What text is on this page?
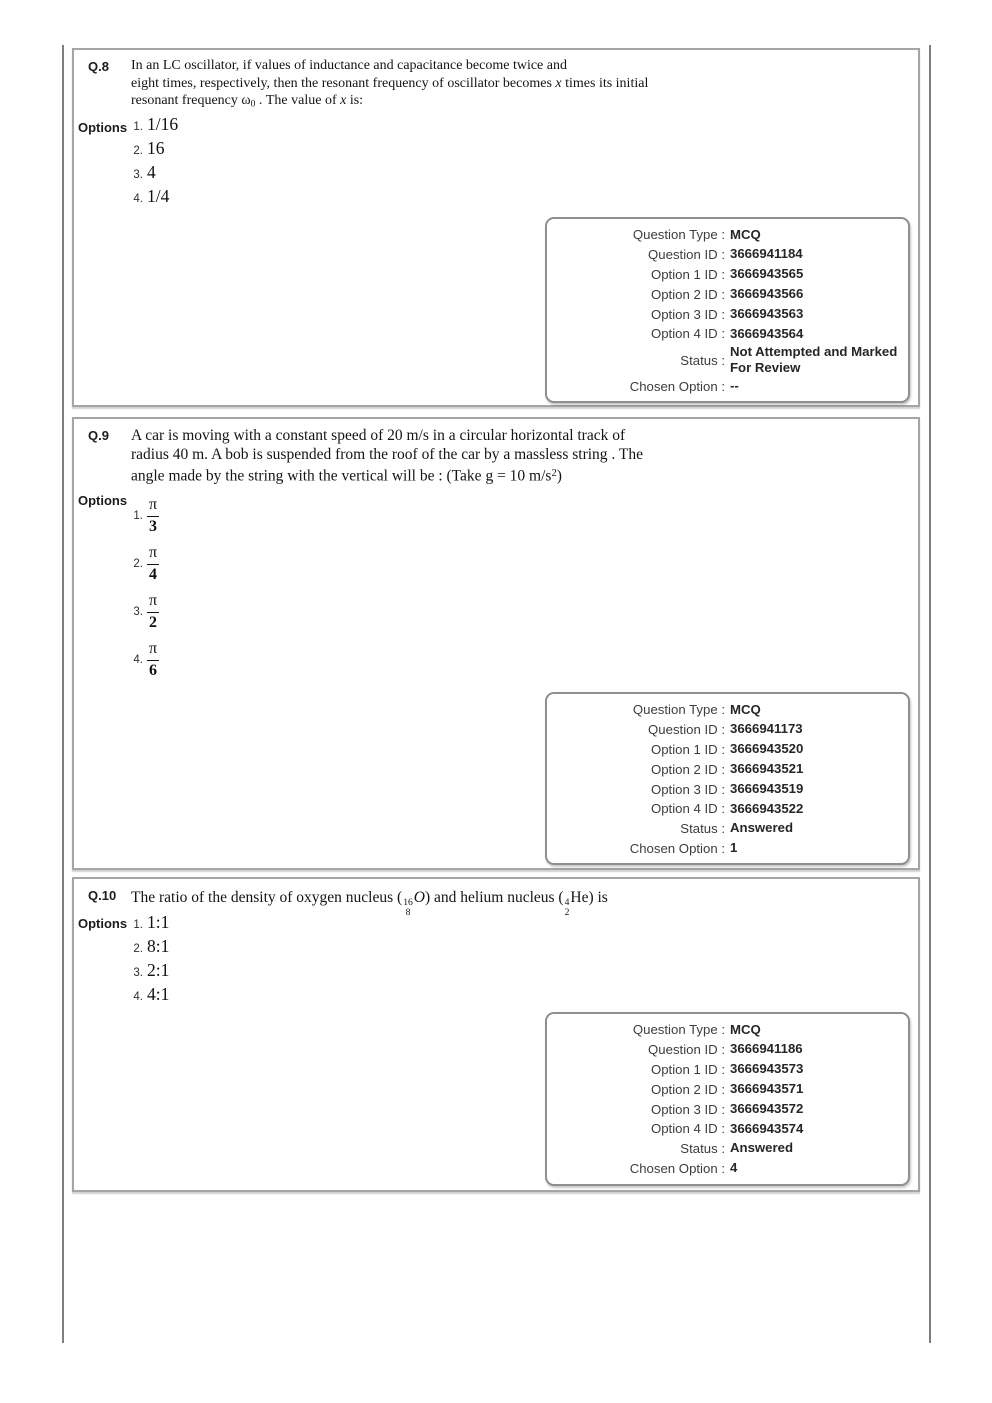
Q.8 In an LC oscillator, if values of inductance and capacitance become twice and
eight times, respectively, then the resonant frequency of oscillator becomes x times its initial
resonant frequency ω0 . The value of x is:
Options 1. 1/16
2. 16
3. 4
4. 1/4
Question Type : MCQ
Question ID : 3666941184
Option 1 ID : 3666943565
Option 2 ID : 3666943566
Option 3 ID : 3666943563
Option 4 ID : 3666943564
Status :
Not Attempted and Marked For Review
Chosen Option : --
Q.9 A car is moving with a constant speed of 20 m/s in a circular horizontal track of
radius 40 m. A bob is suspended from the roof of the car by a massless string . The
angle made by the string with the vertical will be : (Take g = 10 $m/s^2$)
Options
1. $\frac{\pi}{3}$
2. $\frac{\pi}{4}$
3. $\frac{\pi}{2}$
4. $\frac{\pi}{6}$
Question Type : MCQ
Question ID : 3666941173
Option 1 ID : 3666943520
Option 2 ID : 3666943521
Option 3 ID : 3666943519
Option 4 ID : 3666943522
Status : Answered
Chosen Option : 1
Q.10 The ratio of the density of oxygen nucleus ( 16
8
O) and helium nucleus ( 4
2
He) is
Options 1. 1:1
2. 8:1
3. 2:1
4. 4:1
Question Type : MCQ
Question ID : 3666941186
Option 1 ID : 3666943573
Option 2 ID : 3666943571
Option 3 ID : 3666943572
Option 4 ID : 3666943574
Status : Answered
Chosen Option : 4
